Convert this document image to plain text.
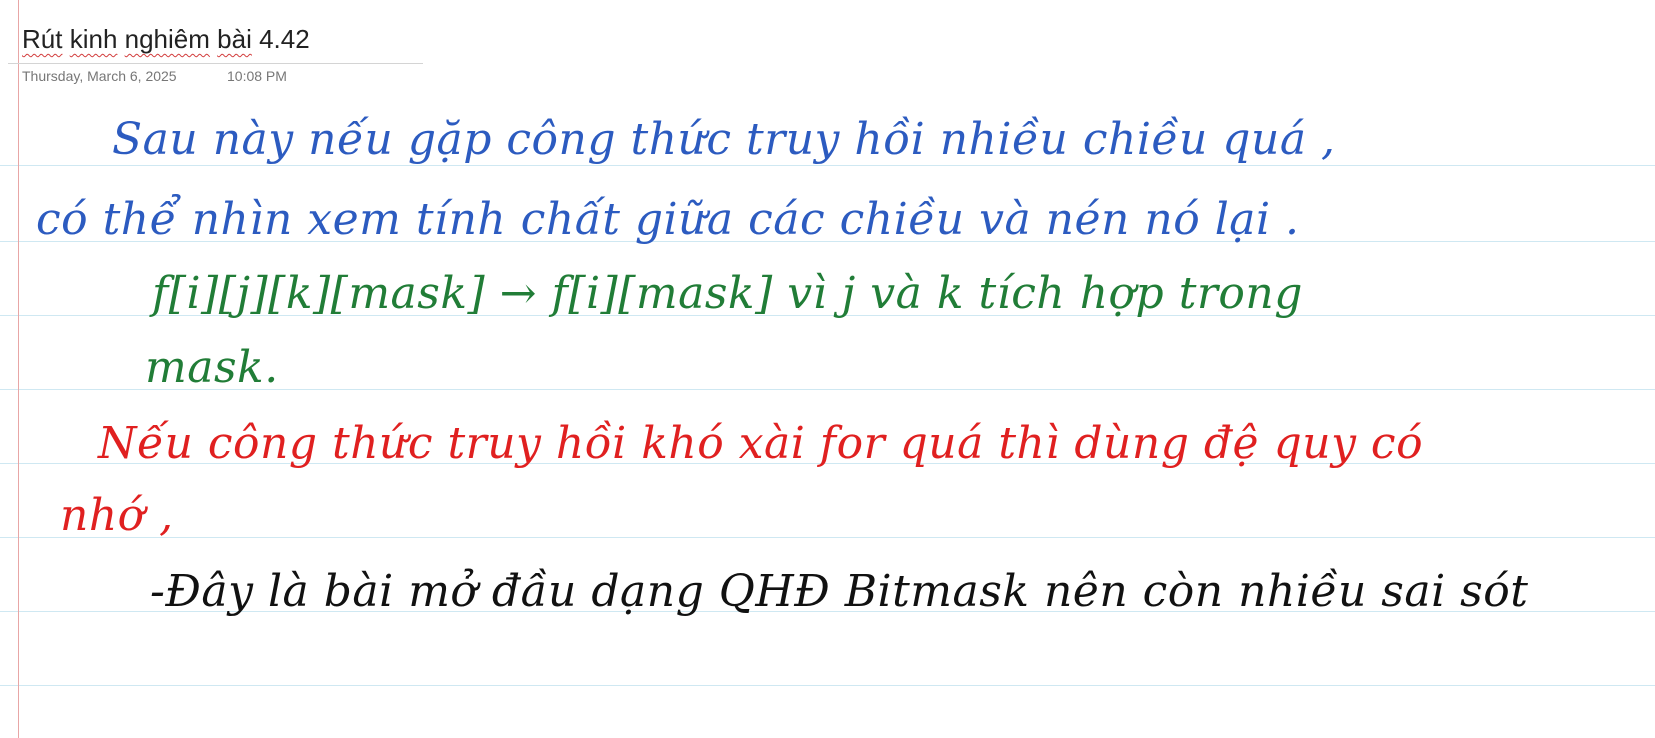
Rút kinh nghiêm bài 4.42
Thursday, March 6, 2025	10:08 PM
Sau này nếu gặp công thức truy hồi nhiều chiều quá ,
có thể nhìn xem tính chất giữa các chiều và nén nó lại .
f[i][j][k][mask] → f[i][mask] vì j và k tích hợp trong
mask.
Nếu công thức truy hồi khó xài for quá thì dùng đệ quy có
nhớ ,
-Đây là bài mở đầu dạng QHĐ Bitmask nên còn nhiều sai sót
